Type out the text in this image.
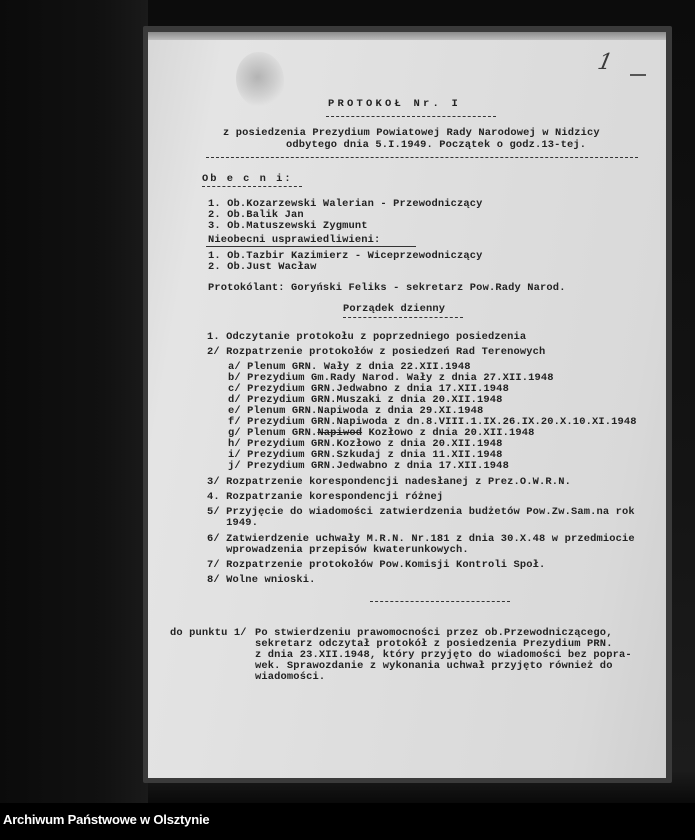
1
PROTOKOŁ Nr. I
z posiedzenia Prezydium Powiatowej Rady Narodowej w Nidzicy
odbytego dnia 5.I.1949. Początek o godz.13-tej.
Ob e c n i:
1. Ob.Kozarzewski Walerian - Przewodniczący
2. Ob.Balik Jan
3. Ob.Matuszewski Zygmunt
Nieobecni usprawiedliwieni:
1. Ob.Tazbir Kazimierz - Wiceprzewodniczący
2. Ob.Just Wacław
Protokólant: Goryński Feliks - sekretarz Pow.Rady Narod.
Porządek dzienny
1. Odczytanie protokołu z poprzedniego posiedzenia
2/ Rozpatrzenie protokołów z posiedzeń Rad Terenowych
a/ Plenum GRN. Wały z dnia 22.XII.1948
b/ Prezydium Gm.Rady Narod. Wały z dnia 27.XII.1948
c/ Prezydium GRN.Jedwabno z dnia 17.XII.1948
d/ Prezydium GRN.Muszaki z dnia 20.XII.1948
e/ Plenum GRN.Napiwoda z dnia 29.XI.1948
f/ Prezydium GRN.Napiwoda z dn.8.VIII.1.IX.26.IX.20.X.10.XI.1948
g/ Plenum GRN.Napiwod Kozłowo z dnia 20.XII.1948
h/ Prezydium GRN.Kozłowo z dnia 20.XII.1948
i/ Prezydium GRN.Szkudaj z dnia 11.XII.1948
j/ Prezydium GRN.Jedwabno z dnia 17.XII.1948
3/ Rozpatrzenie korespondencji nadesłanej z Prez.O.W.R.N.
4. Rozpatrzanie korespondencji różnej
5/ Przyjęcie do wiadomości zatwierdzenia budżetów Pow.Zw.Sam.na rok
1949.
6/ Zatwierdzenie uchwały M.R.N. Nr.181 z dnia 30.X.48 w przedmiocie
wprowadzenia przepisów kwaterunkowych.
7/ Rozpatrzenie protokołów Pow.Komisji Kontroli Społ.
8/ Wolne wnioski.
do punktu 1/ Po stwierdzeniu prawomocności przez ob.Przewodniczącego,
sekretarz odczytał protokół z posiedzenia Prezydium PRN.
z dnia 23.XII.1948, który przyjęto do wiadomości bez popra-
wek. Sprawozdanie z wykonania uchwał przyjęto również do
wiadomości.
Archiwum Państwowe w Olsztynie
